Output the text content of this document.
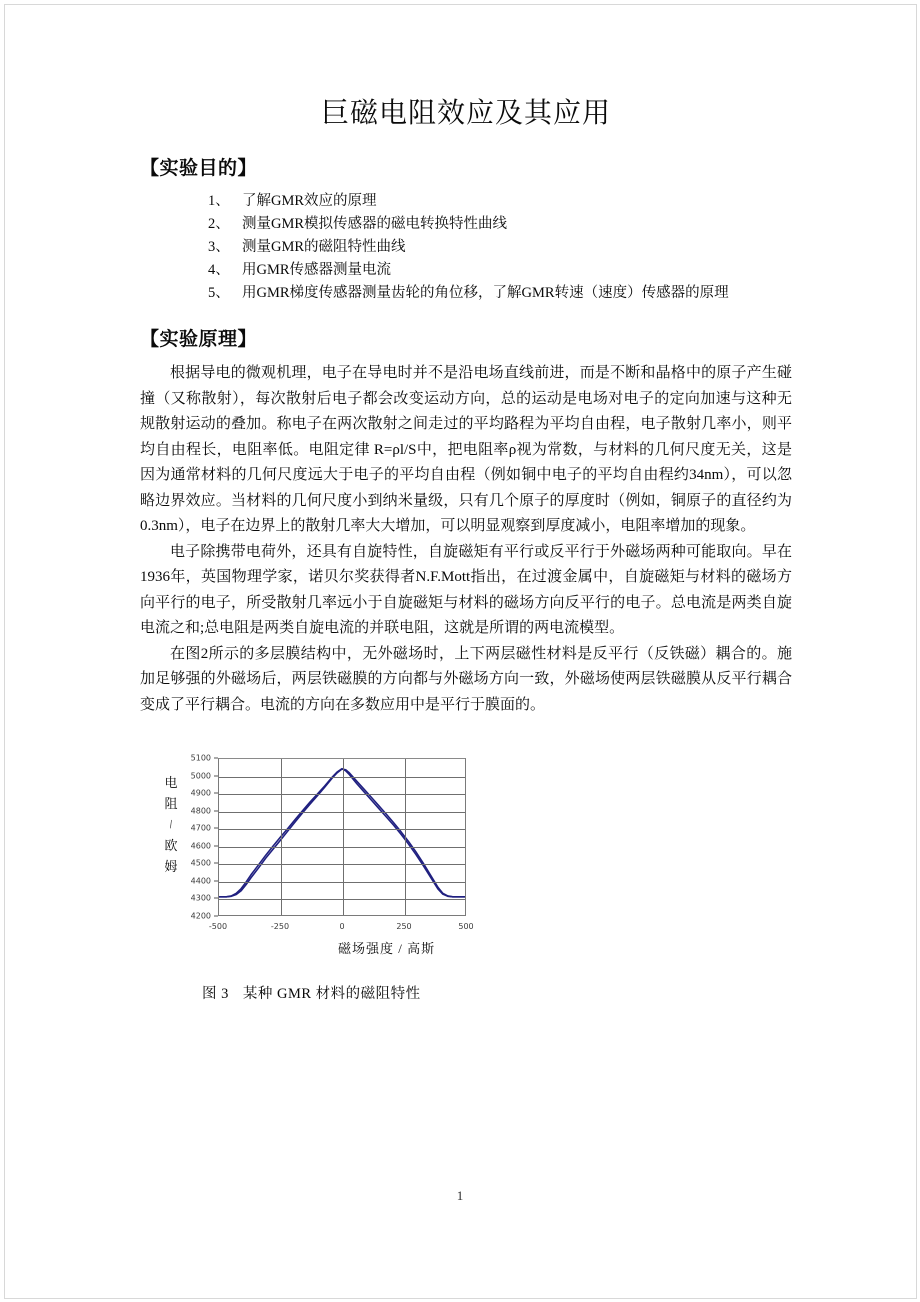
巨磁电阻效应及其应用
【实验目的】
1、 了解GMR效应的原理
2、 测量GMR模拟传感器的磁电转换特性曲线
3、 测量GMR的磁阻特性曲线
4、 用GMR传感器测量电流
5、 用GMR梯度传感器测量齿轮的角位移，了解GMR转速（速度）传感器的原理
【实验原理】

根据导电的微观机理，电子在导电时并不是沿电场直线前进，而是不断和晶格中的原子产生碰撞（又称散射），每次散射后电子都会改变运动方向，总的运动是电场对电子的定向加速与这种无规散射运动的叠加。称电子在两次散射之间走过的平均路程为平均自由程，电子散射几率小，则平均自由程长，电阻率低。电阻定律 R=ρl/S中，把电阻率ρ视为常数，与材料的几何尺度无关，这是因为通常材料的几何尺度远大于电子的平均自由程（例如铜中电子的平均自由程约34nm），可以忽略边界效应。当材料的几何尺度小到纳米量级，只有几个原子的厚度时（例如，铜原子的直径约为0.3nm），电子在边界上的散射几率大大增加，可以明显观察到厚度减小，电阻率增加的现象。

电子除携带电荷外，还具有自旋特性，自旋磁矩有平行或反平行于外磁场两种可能取向。早在1936年，英国物理学家，诺贝尔奖获得者N.F.Mott指出，在过渡金属中，自旋磁矩与材料的磁场方向平行的电子，所受散射几率远小于自旋磁矩与材料的磁场方向反平行的电子。总电流是两类自旋电流之和;总电阻是两类自旋电流的并联电阻，这就是所谓的两电流模型。

在图2所示的多层膜结构中，无外磁场时，上下两层磁性材料是反平行（反铁磁）耦合的。施加足够强的外磁场后，两层铁磁膜的方向都与外磁场方向一致，外磁场使两层铁磁膜从反平行耦合变成了平行耦合。电流的方向在多数应用中是平行于膜面的。

电
阻
/
欧
姆
4200
4300
4400
4500
4600
4700
4800
4900
5000
5100
-500	-250	0	250	500
磁场强度 / 高斯
图 3 某种 GMR 材料的磁阻特性
1
